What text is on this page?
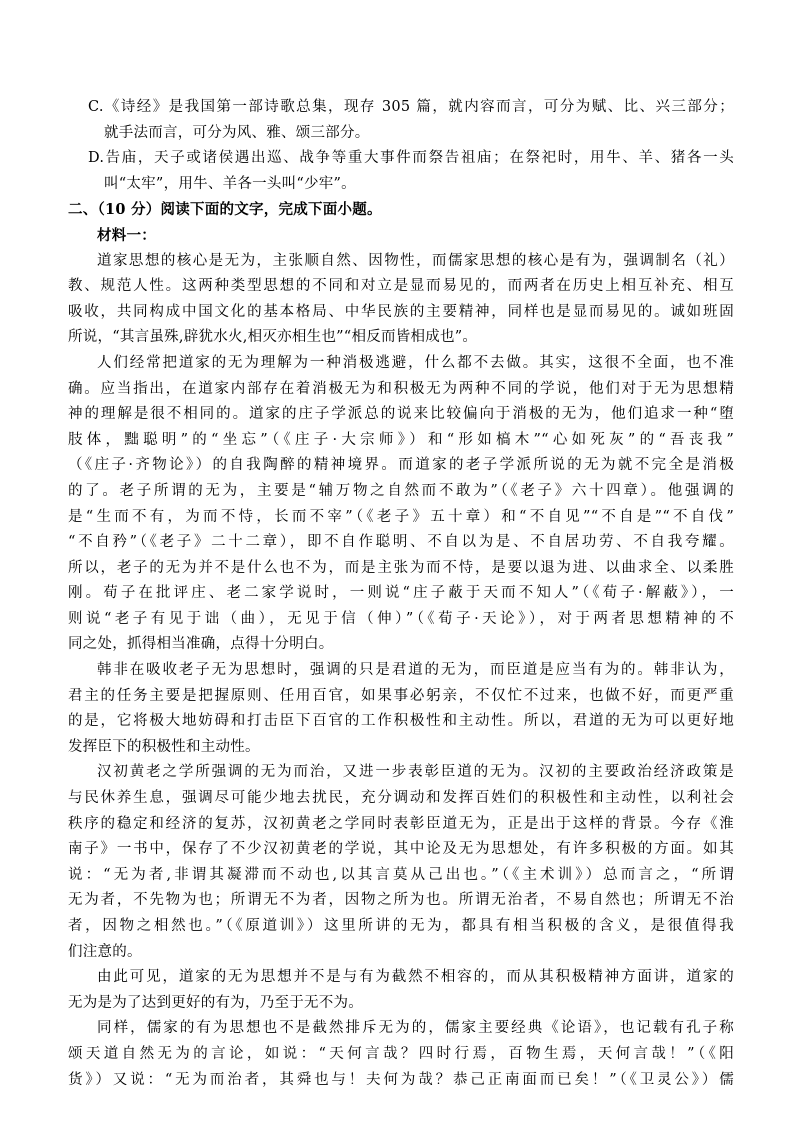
C.《诗经》是我国第一部诗歌总集，现存 305 篇，就内容而言，可分为赋、比、兴三部分；
就手法而言，可分为风、雅、颂三部分。
D.告庙，天子或诸侯遇出巡、战争等重大事件而祭告祖庙；在祭祀时，用牛、羊、猪各一头
叫“太牢”，用牛、羊各一头叫“少牢”。
二、（10 分）阅读下面的文字，完成下面小题。
材料一：
道家思想的核心是无为，主张顺自然、因物性，而儒家思想的核心是有为，强调制名（礼）
教、规范人性。这两种类型思想的不同和对立是显而易见的，而两者在历史上相互补充、相互
吸收，共同构成中国文化的基本格局、中华民族的主要精神，同样也是显而易见的。诚如班固
所说，“其言虽殊,辟犹水火,相灭亦相生也”“相反而皆相成也”。
人们经常把道家的无为理解为一种消极逃避，什么都不去做。其实，这很不全面，也不准
确。应当指出，在道家内部存在着消极无为和积极无为两种不同的学说，他们对于无为思想精
神的理解是很不相同的。道家的庄子学派总的说来比较偏向于消极的无为，他们追求一种“堕
肢体，黜聪明”的“坐忘”（《庄子·大宗师》）和“形如槁木”“心如死灰”的“吾丧我”
（《庄子·齐物论》）的自我陶醉的精神境界。而道家的老子学派所说的无为就不完全是消极
的了。老子所谓的无为，主要是“辅万物之自然而不敢为”（《老子》六十四章）。他强调的
是“生而不有，为而不恃，长而不宰”（《老子》五十章）和“不自见”“不自是”“不自伐”
“不自矜”（《老子》二十二章），即不自作聪明、不自以为是、不自居功劳、不自我夸耀。
所以，老子的无为并不是什么也不为，而是主张为而不恃，是要以退为进、以曲求全、以柔胜
刚。荀子在批评庄、老二家学说时，一则说“庄子蔽于天而不知人”（《荀子·解蔽》），一
则说“老子有见于诎（曲），无见于信（伸）”（《荀子·天论》），对于两者思想精神的不
同之处，抓得相当准确，点得十分明白。
韩非在吸收老子无为思想时，强调的只是君道的无为，而臣道是应当有为的。韩非认为，
君主的任务主要是把握原则、任用百官，如果事必躬亲，不仅忙不过来，也做不好，而更严重
的是，它将极大地妨碍和打击臣下百官的工作积极性和主动性。所以，君道的无为可以更好地
发挥臣下的积极性和主动性。
汉初黄老之学所强调的无为而治，又进一步表彰臣道的无为。汉初的主要政治经济政策是
与民休养生息，强调尽可能少地去扰民，充分调动和发挥百姓们的积极性和主动性，以利社会
秩序的稳定和经济的复苏，汉初黄老之学同时表彰臣道无为，正是出于这样的背景。今存《淮
南子》一书中，保存了不少汉初黄老的学说，其中论及无为思想处，有许多积极的方面。如其
说：“无为者,非谓其凝滞而不动也,以其言莫从己出也。”（《主术训》）总而言之，“所谓
无为者，不先物为也；所谓无不为者，因物之所为也。所谓无治者，不易自然也；所谓无不治
者，因物之相然也。”（《原道训》）这里所讲的无为，都具有相当积极的含义，是很值得我
们注意的。
由此可见，道家的无为思想并不是与有为截然不相容的，而从其积极精神方面讲，道家的
无为是为了达到更好的有为，乃至于无不为。
同样，儒家的有为思想也不是截然排斥无为的，儒家主要经典《论语》，也记载有孔子称
颂天道自然无为的言论，如说：“天何言哉？四时行焉，百物生焉，天何言哉！”（《阳
货》）又说：“无为而治者，其舜也与！夫何为哉？恭己正南面而已矣！”（《卫灵公》）儒
